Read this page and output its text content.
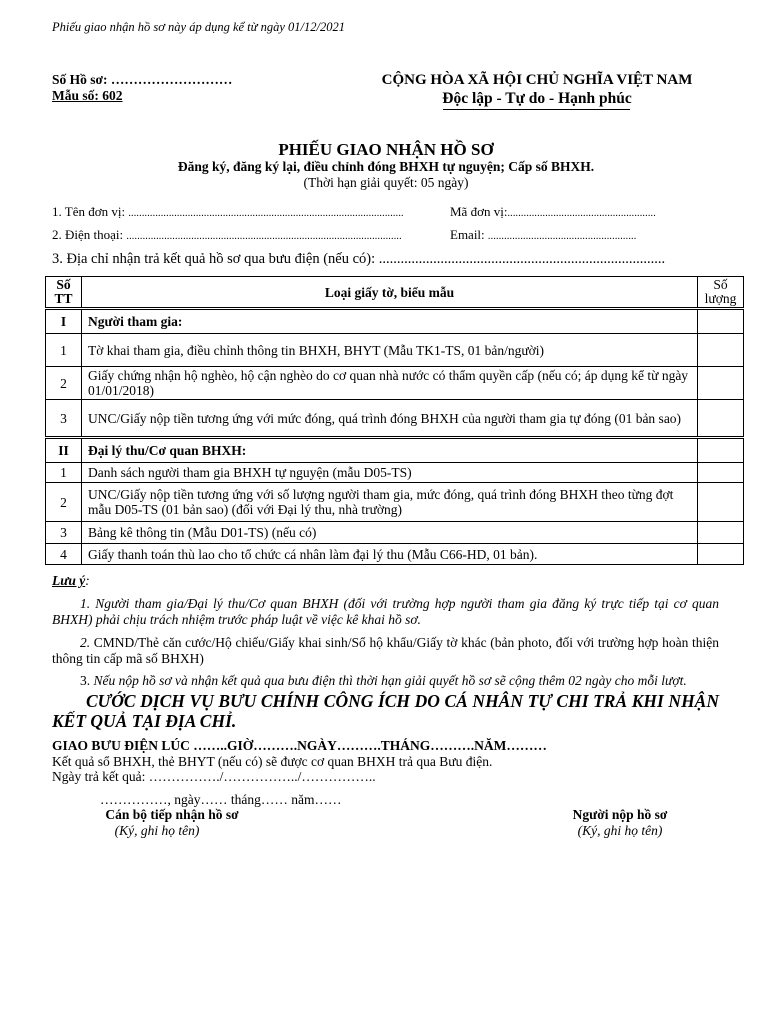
Phiếu giao nhận hồ sơ này áp dụng kể từ ngày 01/12/2021
Số Hồ sơ: ………………………
Mẫu số: 602
CỘNG HÒA XÃ HỘI CHỦ NGHĨA VIỆT NAM
Độc lập - Tự do - Hạnh phúc
PHIẾU GIAO NHẬN HỒ SƠ
Đăng ký, đăng ký lại, điều chỉnh đóng BHXH tự nguyện; Cấp số BHXH.
(Thời hạn giải quyết: 05 ngày)
1. Tên đơn vị: ......................................................................................................	Mã đơn vị:.......................................................
2. Điện thoại: ......................................................................................................	Email: .......................................................
3. Địa chỉ nhận trả kết quả hồ sơ qua bưu điện (nếu có): ...............................................................................
Số TT	Loại giấy tờ, biểu mẫu	Số lượng
I	Người tham gia:	
1	Tờ khai tham gia, điều chỉnh thông tin BHXH, BHYT (Mẫu TK1-TS, 01 bản/người)	
2	Giấy chứng nhận hộ nghèo, hộ cận nghèo do cơ quan nhà nước có thẩm quyền cấp (nếu có; áp dụng kể từ ngày 01/01/2018)	
3	UNC/Giấy nộp tiền tương ứng với mức đóng, quá trình đóng BHXH của người tham gia tự đóng (01 bản sao)	
II	Đại lý thu/Cơ quan BHXH:	
1	Danh sách người tham gia BHXH tự nguyện (mẫu D05-TS)	
2	UNC/Giấy nộp tiền tương ứng với số lượng người tham gia, mức đóng, quá trình đóng BHXH theo từng đợt mẫu D05-TS (01 bản sao) (đối với Đại lý thu, nhà trường)	
3	Bảng kê thông tin (Mẫu D01-TS) (nếu có)	
4	Giấy thanh toán thù lao cho tổ chức cá nhân làm đại lý thu (Mẫu C66-HD, 01 bản).	
Lưu ý:
1. Người tham gia/Đại lý thu/Cơ quan BHXH (đối với trường hợp người tham gia đăng ký trực tiếp tại cơ quan BHXH) phải chịu trách nhiệm trước pháp luật về việc kê khai hồ sơ.
2. CMND/Thẻ căn cước/Hộ chiếu/Giấy khai sinh/Sổ hộ khẩu/Giấy tờ khác (bản photo, đối với trường hợp hoàn thiện thông tin cấp mã số BHXH)
3. Nếu nộp hồ sơ và nhận kết quả qua bưu điện thì thời hạn giải quyết hồ sơ sẽ cộng thêm 02 ngày cho mỗi lượt.
CƯỚC DỊCH VỤ BƯU CHÍNH CÔNG ÍCH DO CÁ NHÂN TỰ CHI TRẢ KHI NHẬN KẾT QUẢ TẠI ĐỊA CHỈ.
GIAO BƯU ĐIỆN LÚC ……..GIỜ……….NGÀY……….THÁNG……….NĂM………
Kết quả sổ BHXH, thẻ BHYT (nếu có) sẽ được cơ quan BHXH trả qua Bưu điện.
Ngày trả kết quả: ……………./……………../……………..
……………, ngày…… tháng…… năm……
Cán bộ tiếp nhận hồ sơ
(Ký, ghi họ tên)
Người nộp hồ sơ
(Ký, ghi họ tên)
